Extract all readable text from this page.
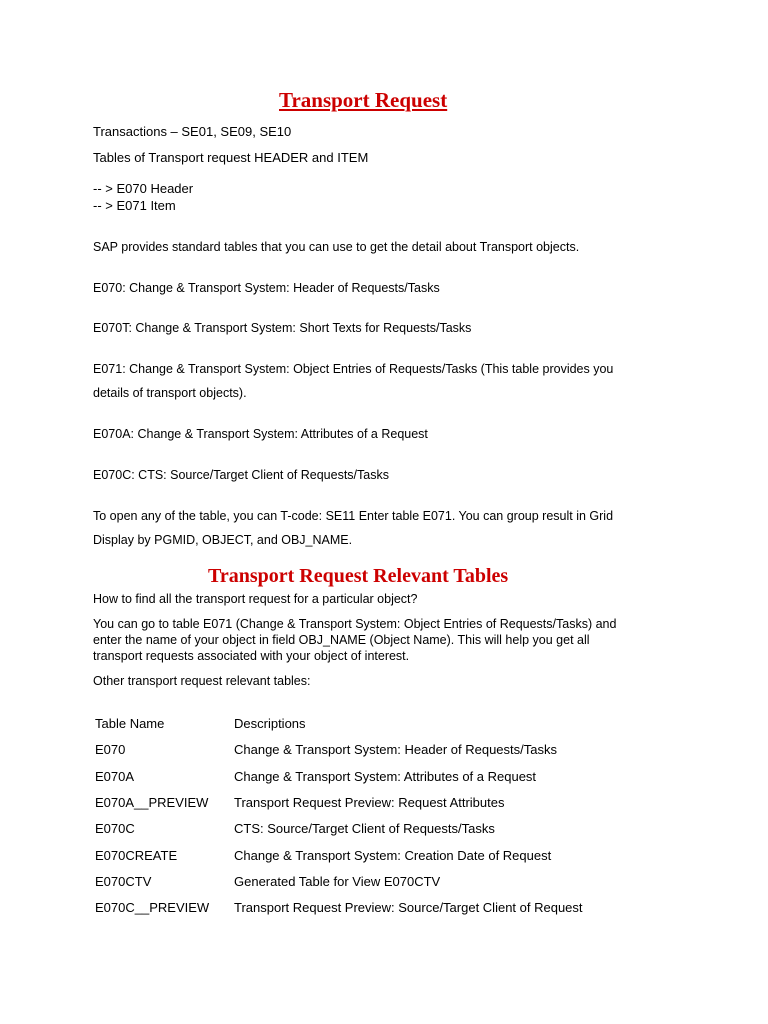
Transport Request
Transactions – SE01, SE09, SE10
Tables of Transport request HEADER and ITEM
-- > E070 Header
-- > E071 Item
SAP provides standard tables that you can use to get the detail about Transport objects.
E070: Change & Transport System: Header of Requests/Tasks
E070T: Change & Transport System: Short Texts for Requests/Tasks
E071: Change & Transport System: Object Entries of Requests/Tasks (This table provides you
details of transport objects).
E070A: Change & Transport System: Attributes of a Request
E070C: CTS: Source/Target Client of Requests/Tasks
To open any of the table, you can T-code: SE11 Enter table E071. You can group result in Grid
Display by PGMID, OBJECT, and OBJ_NAME.
Transport Request Relevant Tables
How to find all the transport request for a particular object?
You can go to table E071 (Change & Transport System: Object Entries of Requests/Tasks) and
enter the name of your object in field OBJ_NAME (Object Name). This will help you get all
transport requests associated with your object of interest.
Other transport request relevant tables:
Table Name	Descriptions
E070	Change & Transport System: Header of Requests/Tasks
E070A	Change & Transport System: Attributes of a Request
E070A__PREVIEW Transport Request Preview: Request Attributes
E070C	CTS: Source/Target Client of Requests/Tasks
E070CREATE	Change & Transport System: Creation Date of Request
E070CTV	Generated Table for View E070CTV
E070C__PREVIEW Transport Request Preview: Source/Target Client of Request
